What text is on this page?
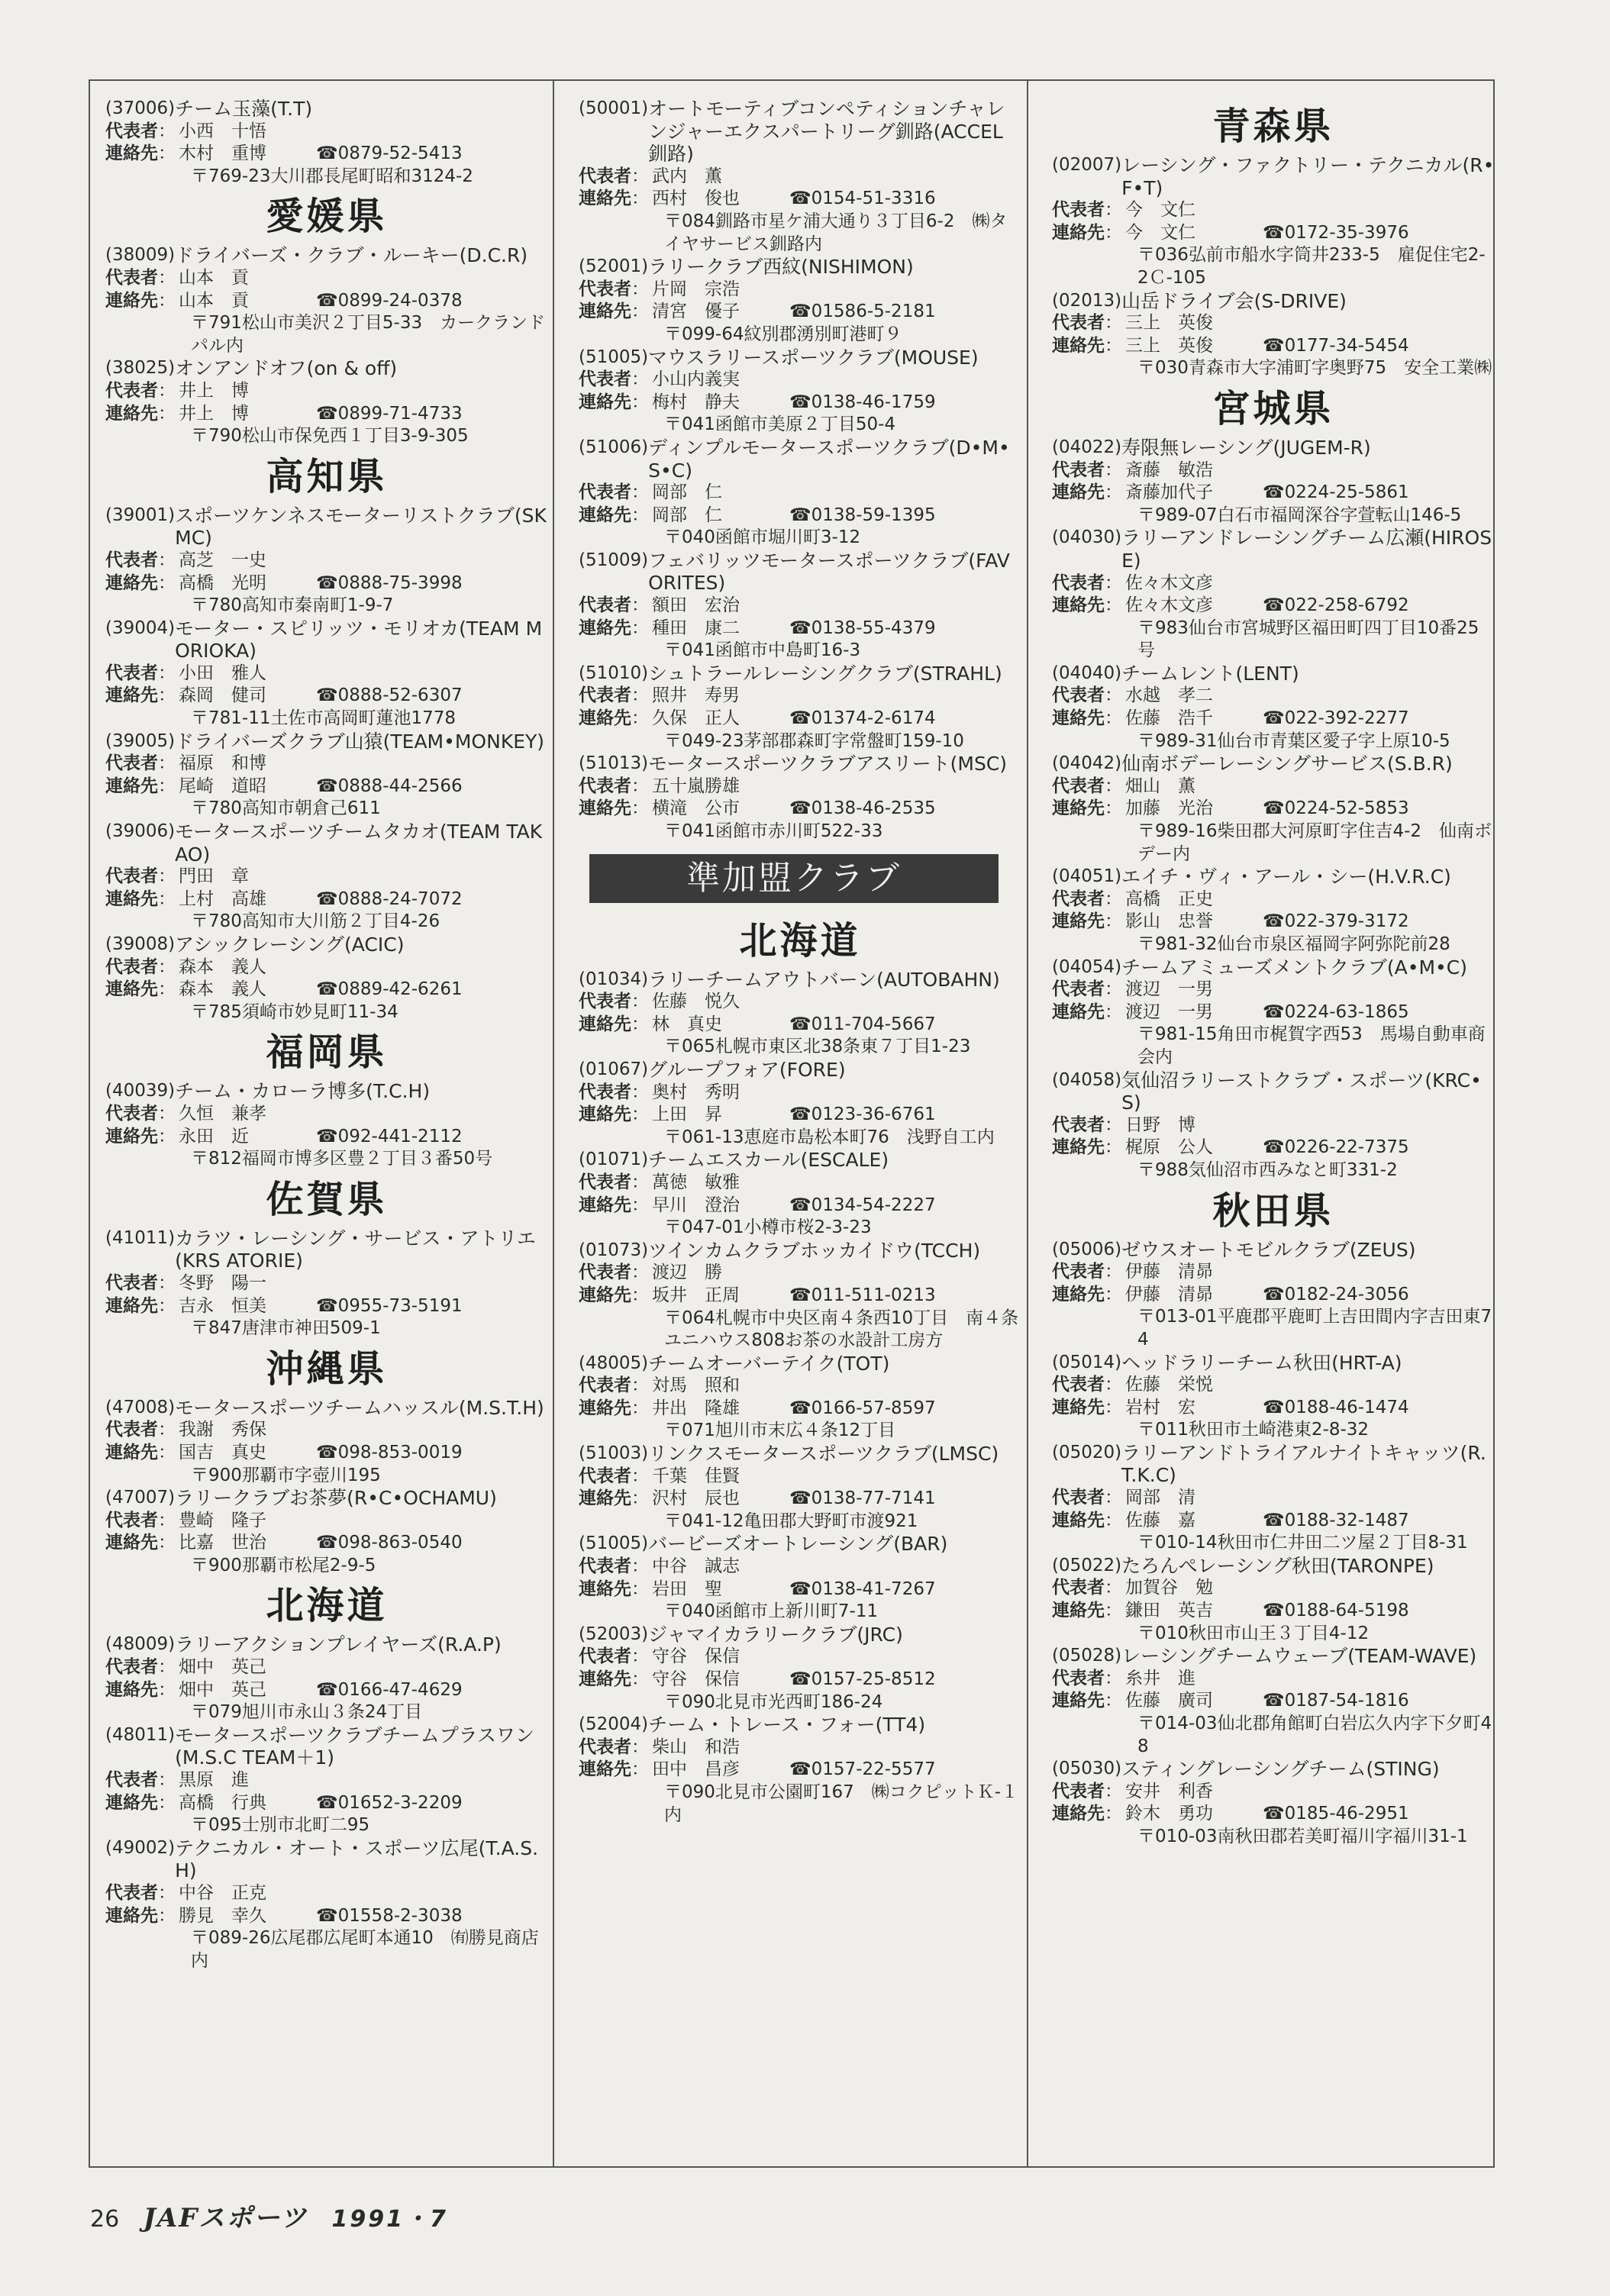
(37006) チーム玉藻(T.T)
代表者 ：	小西　十悟
連絡先 ：	木村　重博	☎ 0879-52-5413
〒769-23大川郡長尾町昭和3124-2
愛媛県
(38009) ドライバーズ・クラブ・ルーキー(D.C.R)
代表者 ：	山本　貢
連絡先 ：	山本　貢	☎ 0899-24-0378
〒791松山市美沢２丁目5-33　カークランドパル内
(38025) オンアンドオフ(on & off)
代表者 ：	井上　博
連絡先 ：	井上　博	☎ 0899-71-4733
〒790松山市保免西１丁目3-9-305
高知県
(39001) スポーツケンネスモーターリストクラブ(SKMC)
代表者 ：	高芝　一史
連絡先 ：	高橋　光明	☎ 0888-75-3998
〒780高知市秦南町1-9-7
(39004) モーター・スピリッツ・モリオカ(TEAM MORIOKA)
代表者 ：	小田　雅人
連絡先 ：	森岡　健司	☎ 0888-52-6307
〒781-11土佐市高岡町蓮池1778
(39005) ドライバーズクラブ山猿(TEAM•MONKEY)
代表者 ：	福原　和博
連絡先 ：	尾崎　道昭	☎ 0888-44-2566
〒780高知市朝倉己611
(39006) モータースポーツチームタカオ(TEAM TAKAO)
代表者 ：	門田　章
連絡先 ：	上村　高雄	☎ 0888-24-7072
〒780高知市大川筋２丁目4-26
(39008) アシックレーシング(ACIC)
代表者 ：	森本　義人
連絡先 ：	森本　義人	☎ 0889-42-6261
〒785須崎市妙見町11-34
福岡県
(40039) チーム・カローラ博多(T.C.H)
代表者 ：	久恒　兼孝
連絡先 ：	永田　近	☎ 092-441-2112
〒812福岡市博多区豊２丁目３番50号
佐賀県
(41011) カラツ・レーシング・サービス・アトリエ(KRS ATORIE)
代表者 ：	冬野　陽一
連絡先 ：	吉永　恒美	☎ 0955-73-5191
〒847唐津市神田509-1
沖縄県
(47008) モータースポーツチームハッスル(M.S.T.H)
代表者 ：	我謝　秀保
連絡先 ：	国吉　真史	☎ 098-853-0019
〒900那覇市字壺川195
(47007) ラリークラブお茶夢(R•C•OCHAMU)
代表者 ：	豊崎　隆子
連絡先 ：	比嘉　世治	☎ 098-863-0540
〒900那覇市松尾2-9-5
北海道
(48009) ラリーアクションプレイヤーズ(R.A.P)
代表者 ：	畑中　英己
連絡先 ：	畑中　英己	☎ 0166-47-4629
〒079旭川市永山３条24丁目
(48011) モータースポーツクラブチームプラスワン(M.S.C TEAM＋1)
代表者 ：	黒原　進
連絡先 ：	高橋　行典	☎ 01652-3-2209
〒095士別市北町二95
(49002) テクニカル・オート・スポーツ広尾(T.A.S.H)
代表者 ：	中谷　正克
連絡先 ：	勝見　幸久	☎ 01558-2-3038
〒089-26広尾郡広尾町本通10　㈲勝見商店内
(50001) オートモーティブコンペティションチャレンジャーエクスパートリーグ釧路(ACCEL釧路)
代表者 ：	武内　薫
連絡先 ：	西村　俊也	☎ 0154-51-3316
〒084釧路市星ケ浦大通り３丁目6-2　㈱タイヤサービス釧路内
(52001) ラリークラブ西紋(NISHIMON)
代表者 ：	片岡　宗浩
連絡先 ：	清宮　優子	☎ 01586-5-2181
〒099-64紋別郡湧別町港町９
(51005) マウスラリースポーツクラブ(MOUSE)
代表者 ：	小山内義実
連絡先 ：	梅村　静夫	☎ 0138-46-1759
〒041函館市美原２丁目50-4
(51006) ディンプルモータースポーツクラブ(D•M•S•C)
代表者 ：	岡部　仁
連絡先 ：	岡部　仁	☎ 0138-59-1395
〒040函館市堀川町3-12
(51009) フェバリッツモータースポーツクラブ(FAVORITES)
代表者 ：	額田　宏治
連絡先 ：	種田　康二	☎ 0138-55-4379
〒041函館市中島町16-3
(51010) シュトラールレーシングクラブ(STRAHL)
代表者 ：	照井　寿男
連絡先 ：	久保　正人	☎ 01374-2-6174
〒049-23茅部郡森町字常盤町159-10
(51013) モータースポーツクラブアスリート(MSC)
代表者 ：	五十嵐勝雄
連絡先 ：	横滝　公市	☎ 0138-46-2535
〒041函館市赤川町522-33
準加盟クラブ
北海道
(01034) ラリーチームアウトバーン(AUTOBAHN)
代表者 ：	佐藤　悦久
連絡先 ：	林　真史	☎ 011-704-5667
〒065札幌市東区北38条東７丁目1-23
(01067) グループフォア(FORE)
代表者 ：	奥村　秀明
連絡先 ：	上田　昇	☎ 0123-36-6761
〒061-13恵庭市島松本町76　浅野自工内
(01071) チームエスカール(ESCALE)
代表者 ：	萬徳　敏雅
連絡先 ：	早川　澄治	☎ 0134-54-2227
〒047-01小樽市桜2-3-23
(01073) ツインカムクラブホッカイドウ(TCCH)
代表者 ：	渡辺　勝
連絡先 ：	坂井　正周	☎ 011-511-0213
〒064札幌市中央区南４条西10丁目　南４条ユニハウス808お茶の水設計工房方
(48005) チームオーバーテイク(TOT)
代表者 ：	対馬　照和
連絡先 ：	井出　隆雄	☎ 0166-57-8597
〒071旭川市末広４条12丁目
(51003) リンクスモータースポーツクラブ(LMSC)
代表者 ：	千葉　佳賢
連絡先 ：	沢村　辰也	☎ 0138-77-7141
〒041-12亀田郡大野町市渡921
(51005) バービーズオートレーシング(BAR)
代表者 ：	中谷　誠志
連絡先 ：	岩田　聖	☎ 0138-41-7267
〒040函館市上新川町7-11
(52003) ジャマイカラリークラブ(JRC)
代表者 ：	守谷　保信
連絡先 ：	守谷　保信	☎ 0157-25-8512
〒090北見市光西町186-24
(52004) チーム・トレース・フォー(TT4)
代表者 ：	柴山　和浩
連絡先 ：	田中　昌彦	☎ 0157-22-5577
〒090北見市公園町167　㈱コクピットＫ-１内
青森県
(02007) レーシング・ファクトリー・テクニカル(R•F•T)
代表者 ：	今　文仁
連絡先 ：	今　文仁	☎ 0172-35-3976
〒036弘前市船水字筒井233-5　雇促住宅2-2Ｃ-105
(02013) 山岳ドライブ会(S-DRIVE)
代表者 ：	三上　英俊
連絡先 ：	三上　英俊	☎ 0177-34-5454
〒030青森市大字浦町字奥野75　安全工業㈱
宮城県
(04022) 寿限無レーシング(JUGEM-R)
代表者 ：	斎藤　敏浩
連絡先 ：	斎藤加代子	☎ 0224-25-5861
〒989-07白石市福岡深谷字萱転山146-5
(04030) ラリーアンドレーシングチーム広瀬(HIROSE)
代表者 ：	佐々木文彦
連絡先 ：	佐々木文彦	☎ 022-258-6792
〒983仙台市宮城野区福田町四丁目10番25号
(04040) チームレント(LENT)
代表者 ：	水越　孝二
連絡先 ：	佐藤　浩千	☎ 022-392-2277
〒989-31仙台市青葉区愛子字上原10-5
(04042) 仙南ボデーレーシングサービス(S.B.R)
代表者 ：	畑山　薫
連絡先 ：	加藤　光治	☎ 0224-52-5853
〒989-16柴田郡大河原町字住吉4-2　仙南ボデー内
(04051) エイチ・ヴィ・アール・シー(H.V.R.C)
代表者 ：	高橋　正史
連絡先 ：	影山　忠誉	☎ 022-379-3172
〒981-32仙台市泉区福岡字阿弥陀前28
(04054) チームアミューズメントクラブ(A•M•C)
代表者 ：	渡辺　一男
連絡先 ：	渡辺　一男	☎ 0224-63-1865
〒981-15角田市梶賀字西53　馬場自動車商会内
(04058) 気仙沼ラリーストクラブ・スポーツ(KRC•S)
代表者 ：	日野　博
連絡先 ：	梶原　公人	☎ 0226-22-7375
〒988気仙沼市西みなと町331-2
秋田県
(05006) ゼウスオートモビルクラブ(ZEUS)
代表者 ：	伊藤　清昴
連絡先 ：	伊藤　清昴	☎ 0182-24-3056
〒013-01平鹿郡平鹿町上吉田間内字吉田東74
(05014) ヘッドラリーチーム秋田(HRT-A)
代表者 ：	佐藤　栄悦
連絡先 ：	岩村　宏	☎ 0188-46-1474
〒011秋田市土崎港東2-8-32
(05020) ラリーアンドトライアルナイトキャッツ(R.T.K.C)
代表者 ：	岡部　清
連絡先 ：	佐藤　嘉	☎ 0188-32-1487
〒010-14秋田市仁井田二ツ屋２丁目8-31
(05022) たろんぺレーシング秋田(TARONPE)
代表者 ：	加賀谷　勉
連絡先 ：	鎌田　英吉	☎ 0188-64-5198
〒010秋田市山王３丁目4-12
(05028) レーシングチームウェーブ(TEAM-WAVE)
代表者 ：	糸井　進
連絡先 ：	佐藤　廣司	☎ 0187-54-1816
〒014-03仙北郡角館町白岩広久内字下夕町48
(05030) スティングレーシングチーム(STING)
代表者 ：	安井　利香
連絡先 ：	鈴木　勇功	☎ 0185-46-2951
〒010-03南秋田郡若美町福川字福川31-1
26 JAFスポーツ 1991・7
